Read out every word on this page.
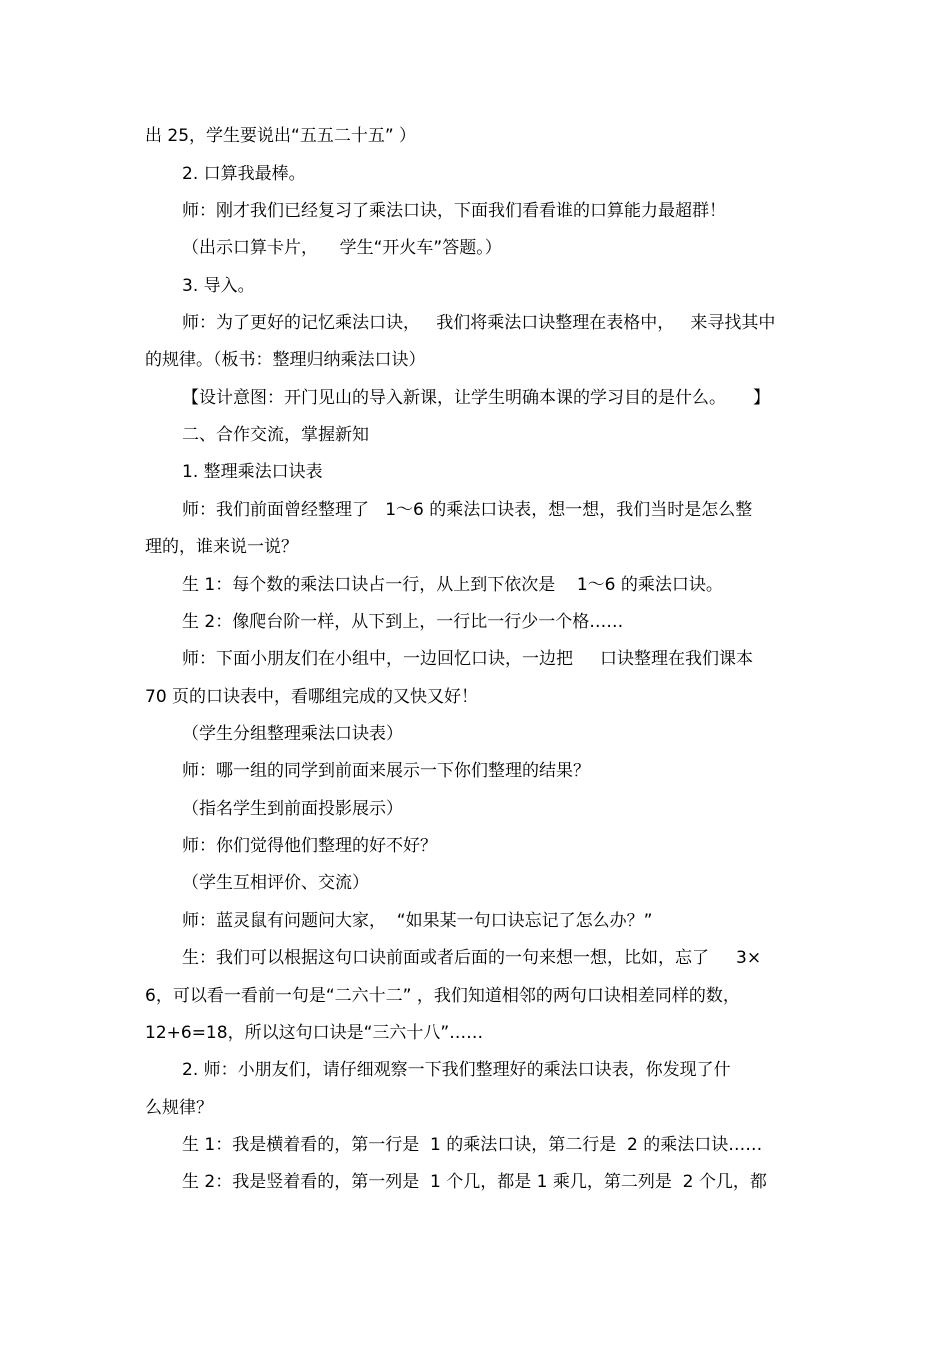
出 25，学生要说出“五五二十五” ）
2. 口算我最棒。
师：刚才我们已经复习了乘法口诀，下面我们看看谁的口算能力最超群！
（出示口算卡片，    学生“开火车”答题。）
3. 导入。
师：为了更好的记忆乘法口诀，   我们将乘法口诀整理在表格中，   来寻找其中
的规律。（板书：整理归纳乘法口诀）
【设计意图：开门见山的导入新课，让学生明确本课的学习目的是什么。     】
二、合作交流，掌握新知
1. 整理乘法口诀表
师：我们前面曾经整理了   1～6 的乘法口诀表，想一想，我们当时是怎么整
理的，谁来说一说？
生 1：每个数的乘法口诀占一行，从上到下依次是    1～6 的乘法口诀。
生 2：像爬台阶一样，从下到上，一行比一行少一个格……
师：下面小朋友们在小组中，一边回忆口诀，一边把     口诀整理在我们课本
70 页的口诀表中，看哪组完成的又快又好！
（学生分组整理乘法口诀表）
师：哪一组的同学到前面来展示一下你们整理的结果？
（指名学生到前面投影展示）
师：你们觉得他们整理的好不好？
（学生互相评价、交流）
师：蓝灵鼠有问题问大家，  “如果某一句口诀忘记了怎么办？”
生：我们可以根据这句口诀前面或者后面的一句来想一想，比如，忘了     3×
6，可以看一看前一句是“二六十二” ，我们知道相邻的两句口诀相差同样的数，
12+6=18，所以这句口诀是“三六十八”……
2. 师：小朋友们，请仔细观察一下我们整理好的乘法口诀表，你发现了什
么规律？
生 1：我是横着看的，第一行是  1 的乘法口诀，第二行是  2 的乘法口诀……
生 2：我是竖着看的，第一列是  1 个几，都是 1 乘几，第二列是  2 个几，都
